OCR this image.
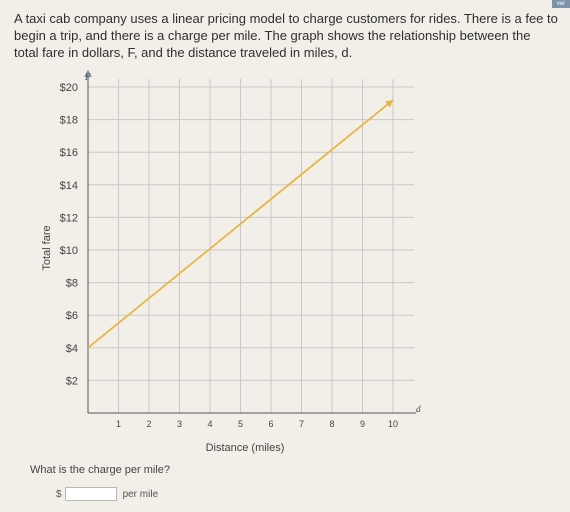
ver
A taxi cab company uses a linear pricing model to charge customers for rides. There is a fee to begin a trip, and there is a charge per mile. The graph shows the relationship between the total fare in dollars, F, and the distance traveled in miles, d.
1	2	3	4	5	6	7	8	9	10
$2
$4
$6
$8
$10
$12
$14
$16
$18
$20
d
F
Distance (miles)
Total fare
What is the charge per mile?
$	per mile
